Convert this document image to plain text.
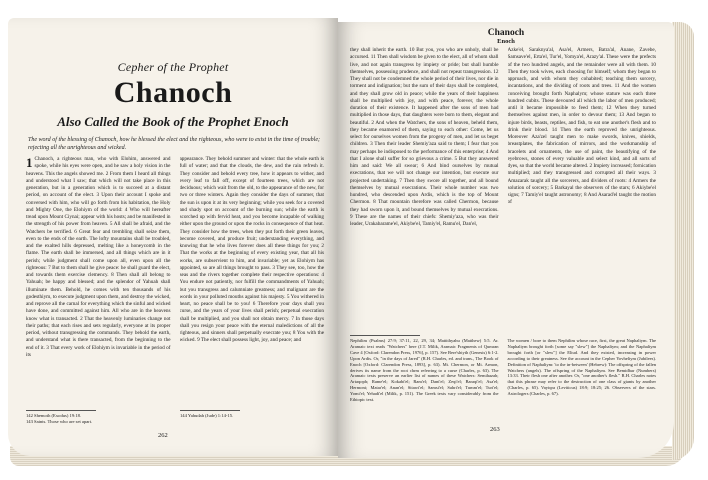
Cepher of the Prophet
Chanoch
Also Called the Book of the Prophet Enoch
The word of the blessing of Chanoch, how he blessed the elect and the righteous, who were to exist in the time of trouble; rejecting all the unrighteous and wicked.
1 Chanoch, a righteous man, who with Elohim, answered and spoke, while his eyes were open, and he saw a holy vision in the heavens. This the angels showed me. 2 From them I heard all things and understood what I saw; that which will not take place in this generation, but in a generation which is to succeed at a distant period, on account of the elect. 3 Upon their account I spoke and conversed with him, who will go forth from his habitation, the Holy and Mighty One, the Elohiym of the world: 4 Who will hereafter tread upon Mount Ciynai; appear with his hosts; and be manifested in the strength of his power from heaven. 5 All shall be afraid, and the Watchers be terrified. 6 Great fear and trembling shall seize them, even to the ends of the earth. The lofty mountains shall be troubled, and the exalted hills depressed, melting like a honeycomb in the flame. The earth shall be immersed, and all things which are in it perish; while judgment shall come upon all, even upon all the righteous: 7 But to them shall he give peace: he shall guard the elect, and towards them exercise clemency. 8 Then shall all belong to Yahuah; be happy and blessed; and the splendor of Yahuah shall illuminate them. Behold, he comes with ten thousands of his godesthiym, to execute judgment upon them, and destroy the wicked, and reprove all the carnal for everything which the sinful and wicked have done, and committed against him. All who are in the heavens know what is transacted. 2 That the heavenly luminaries change not their paths; that each rises and sets regularly, everyone at its proper period, without transgressing the commands. They behold the earth, and understand what is there transacted, from the beginning to the end of it. 3 That every work of Elohiym is invariable in the period of its
appearance. They behold summer and winter: that the whole earth is full of water; and that the clouds, the dew, and the rain refresh it. They consider and behold every tree, how it appears to wither, and every leaf to fall off, except of fourteen trees, which are not deciduous; which wait from the old, to the appearance of the new, for two or three winters. Again they consider the days of summer, that the sun is upon it at its very beginning; while you seek for a covered and shady spot on account of the burning sun; while the earth is scorched up with fervid heat, and you become incapable of walking either upon the ground or upon the rocks in consequence of that heat. They consider how the trees, when they put forth their green leaves, become covered, and produce fruit; understanding everything, and knowing that he who lives forever does all these things for you; 2 That the works at the beginning of every existing year, that all his works, are subservient to him, and invariable; yet as Elohiym has appointed, so are all things brought to pass. 3 They see, too, how the seas and the rivers together complete their respective operations: 4 You endure not patiently, nor fulfill the commandments of Yahuah; but you transgress and calumniate greatness; and malignant are the words in your polluted mouths against his majesty. 5 You withered in heart, no peace shall be to you! 6 Therefore your days shall you curse, and the years of your lives shall perish; perpetual execration shall be multiplied, and you shall not obtain mercy. 7 In those days shall you resign your peace with the eternal maledictions of all the righteous, and sinners shall perpetually execrate you; 8 You with the wicked. 9 The elect shall possess light, joy, and peace; and
142 Shemoth (Exodus) 19:18.
143 Saints. Those who are set apart.
144 Yahudah (Jude) 1:14-15.
262
Chanoch
Enoch
they shall inherit the earth. 10 But you, you who are unholy, shall be accursed. 11 Then shall wisdom be given to the elect, all of whom shall live, and not again transgress by impiety or pride; but shall humble themselves, possessing prudence, and shall not repeat transgression. 12 They shall not be condemned the whole period of their lives, nor die in torment and indignation; but the sum of their days shall be completed, and they shall grow old in peace; while the years of their happiness shall be multiplied with joy, and with peace, forever, the whole duration of their existence. It happened after the sons of men had multiplied in those days, that daughters were born to them, elegant and beautiful. 2 And when the Watchers, the sons of heaven, beheld them, they became enamored of them, saying to each other: Come, let us select for ourselves women from the progeny of men, and let us beget children. 3 Then their leader Shemiy'aza said to them; I fear that you may perhaps be indisposed to the performance of this enterprise; 4 And that I alone shall suffer for so grievous a crime. 5 But they answered him and said: We all swear; 6 And bind ourselves by mutual execrations, that we will not change our intention, but execute our projected undertaking. 7 Then they swore all together, and all bound themselves by mutual execrations. Their whole number was two hundred, who descended upon Ardis, which is the top of Mount Chermon. 8 That mountain therefore was called Chermon, because they had sworn upon it, and bound themselves by mutual execrations. 9 These are the names of their chiefs: Shemiy'aza, who was their leader, Urakabarame'el, Akiybe'el, Tamiy'el, Ramu'el, Dan'el,
Azke'el, Saraknya'al, Asa'el, Armers, Batra'al, Anane, Zavebe, Samsave'el, Erta'el, Tur'el, Yomya'el, Arazy'al. These were the prefects of the two hundred angels, and the remainder were all with them. 10 Then they took wives, each choosing for himself; whom they began to approach, and with whom they cohabited; teaching them sorcery, incantations, and the dividing of roots and trees. 11 And the women conceiving brought forth Naphalym; whose stature was each three hundred cubits. These devoured all which the labor of men produced; until it became impossible to feed them; 12 When they turned themselves against men, in order to devour them; 13 And began to injure birds, beasts, reptiles, and fish, to eat one another's flesh and to drink their blood. 14 Then the earth reproved the unrighteous. Moreover Aza'zel taught men to make swords, knives, shields, breastplates, the fabrication of mirrors, and the workmanship of bracelets and ornaments, the use of paint, the beautifying of the eyebrows, stones of every valuable and select kind, and all sorts of dyes, so that the world became altered. 2 Impiety increased; fornication multiplied; and they transgressed and corrupted all their ways. 3 Amazarak taught all the sorcerers, and dividers of roots: 4 Armers the solution of sorcery; 5 Barkayal the observers of the stars; 6 Akiybe'el signs; 7 Tamiy'el taught astronomy; 8 And Asarad'el taught the motion of
Nephilim (Psalms) 27:9; 37:11, 22, 29, 34; Mattithyahu (Matthew) 5:5. Ar. Aramaic text reads "Watchers" here (J.T. Milik, Aramaic Fragments of Qumran Cave 4 [Oxford: Clarendon Press, 1976], p. 157). See Bere'shiyth (Genesis) 6:1-2. Upon Ardis. Or, "in the days of Jared" (R.H. Charles, ed. and trans., The Book of Enoch [Oxford: Clarendon Press, 1893], p. 63). Mt. Chermon, or Mt. Armon, derives its name from the root chrm referring to a curse (Charles, p. 63). The Aramaic texts preserve an earlier list of names of these Watchers: Semihazah; Artaqoph; Rame'el; Kokabi'el; Ram'el; Dani'el; Zeqi'el; Baraqi'el; Asa'el; Hermoni; Matar'el; Anan'el; Sitawi'el; Samsi'el; Sahri'el; Tumm'el; Turi'el; Yomi'el; Yehadi'el (Milik, p. 151). The Greek texts vary considerably from the Ethiopic text.
The women / bore to them Nephilim whose race, first, the great Naphaliym. The Naphaliym brought forth [some say "slew"] the Naphaliym; and the Naphaliym brought forth [or "slew"] the Eliud. And they existed, increasing in power according to their greatness. See the account in the Cepher Yovheliym (Jubilees). Definition of Naphaliym: 'to the in-between' (Hebrew): The offspring of the fallen Watchers (angels). The offspring of the Naphaliym. See Bemidbar (Numbers) 13:33. Their flesh one after another. Or, "one another's flesh." R.H. Charles notes that this phrase may refer to the destruction of one class of giants by another (Charles, p. 65). Vayiqra (Leviticus) 18:9; 18:25; 26. Observers of the stars. Astrologers (Charles, p. 67).
263
